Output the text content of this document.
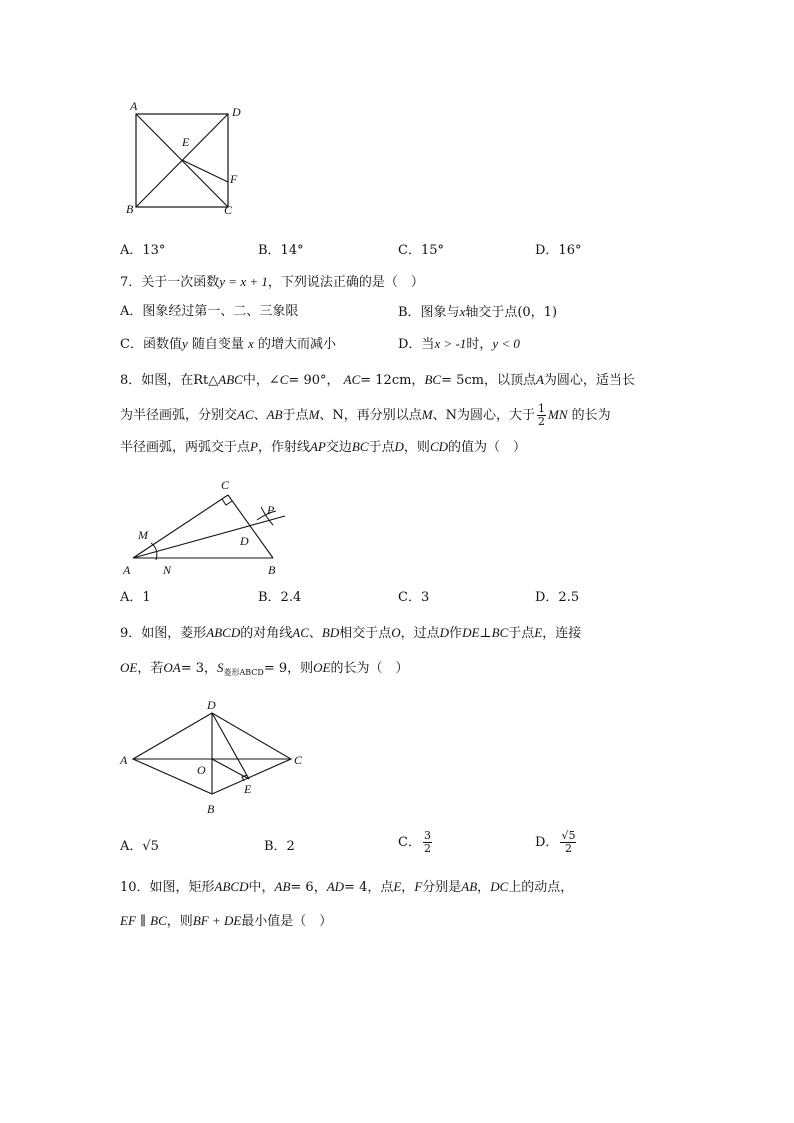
A	D
E
F
B	C
A．13°	B．14°	C．15°	D．16°
7．关于一次函数y = x + 1，下列说法正确的是（　）
A．图象经过第一、二、三象限	B．图象与x轴交于点(0，1)
C．函数值y 随自变量 x 的增大而减小	D．当x > -1时，y < 0
8．如图，在Rt△ABC中，∠C= 90°， AC= 12cm，BC= 5cm，以顶点A为圆心，适当长
为半径画弧，分别交AC、AB于点M、N，再分别以点M、N为圆心，大于 $\frac{1}{2}$ MN 的长为
半径画弧，两弧交于点P，作射线AP交边BC于点D，则CD的值为（　）
C
P
M	D
A	N	B
A．1	B．2.4	C．3	D．2.5
9．如图，菱形ABCD的对角线AC、BD相交于点O，过点D作DE⊥BC于点E，连接
OE，若OA= 3，$S_{菱形ABCD}= 9$，则OE的长为（　）
D
A
O
C
E
B
A．√5	B．2	C． $\frac{3}{2}$	D． $\frac{√5}{2}$
10．如图，矩形ABCD中，AB= 6，AD= 4，点E，F分别是AB，DC上的动点，
EF ∥ BC，则BF + DE最小值是（　）
